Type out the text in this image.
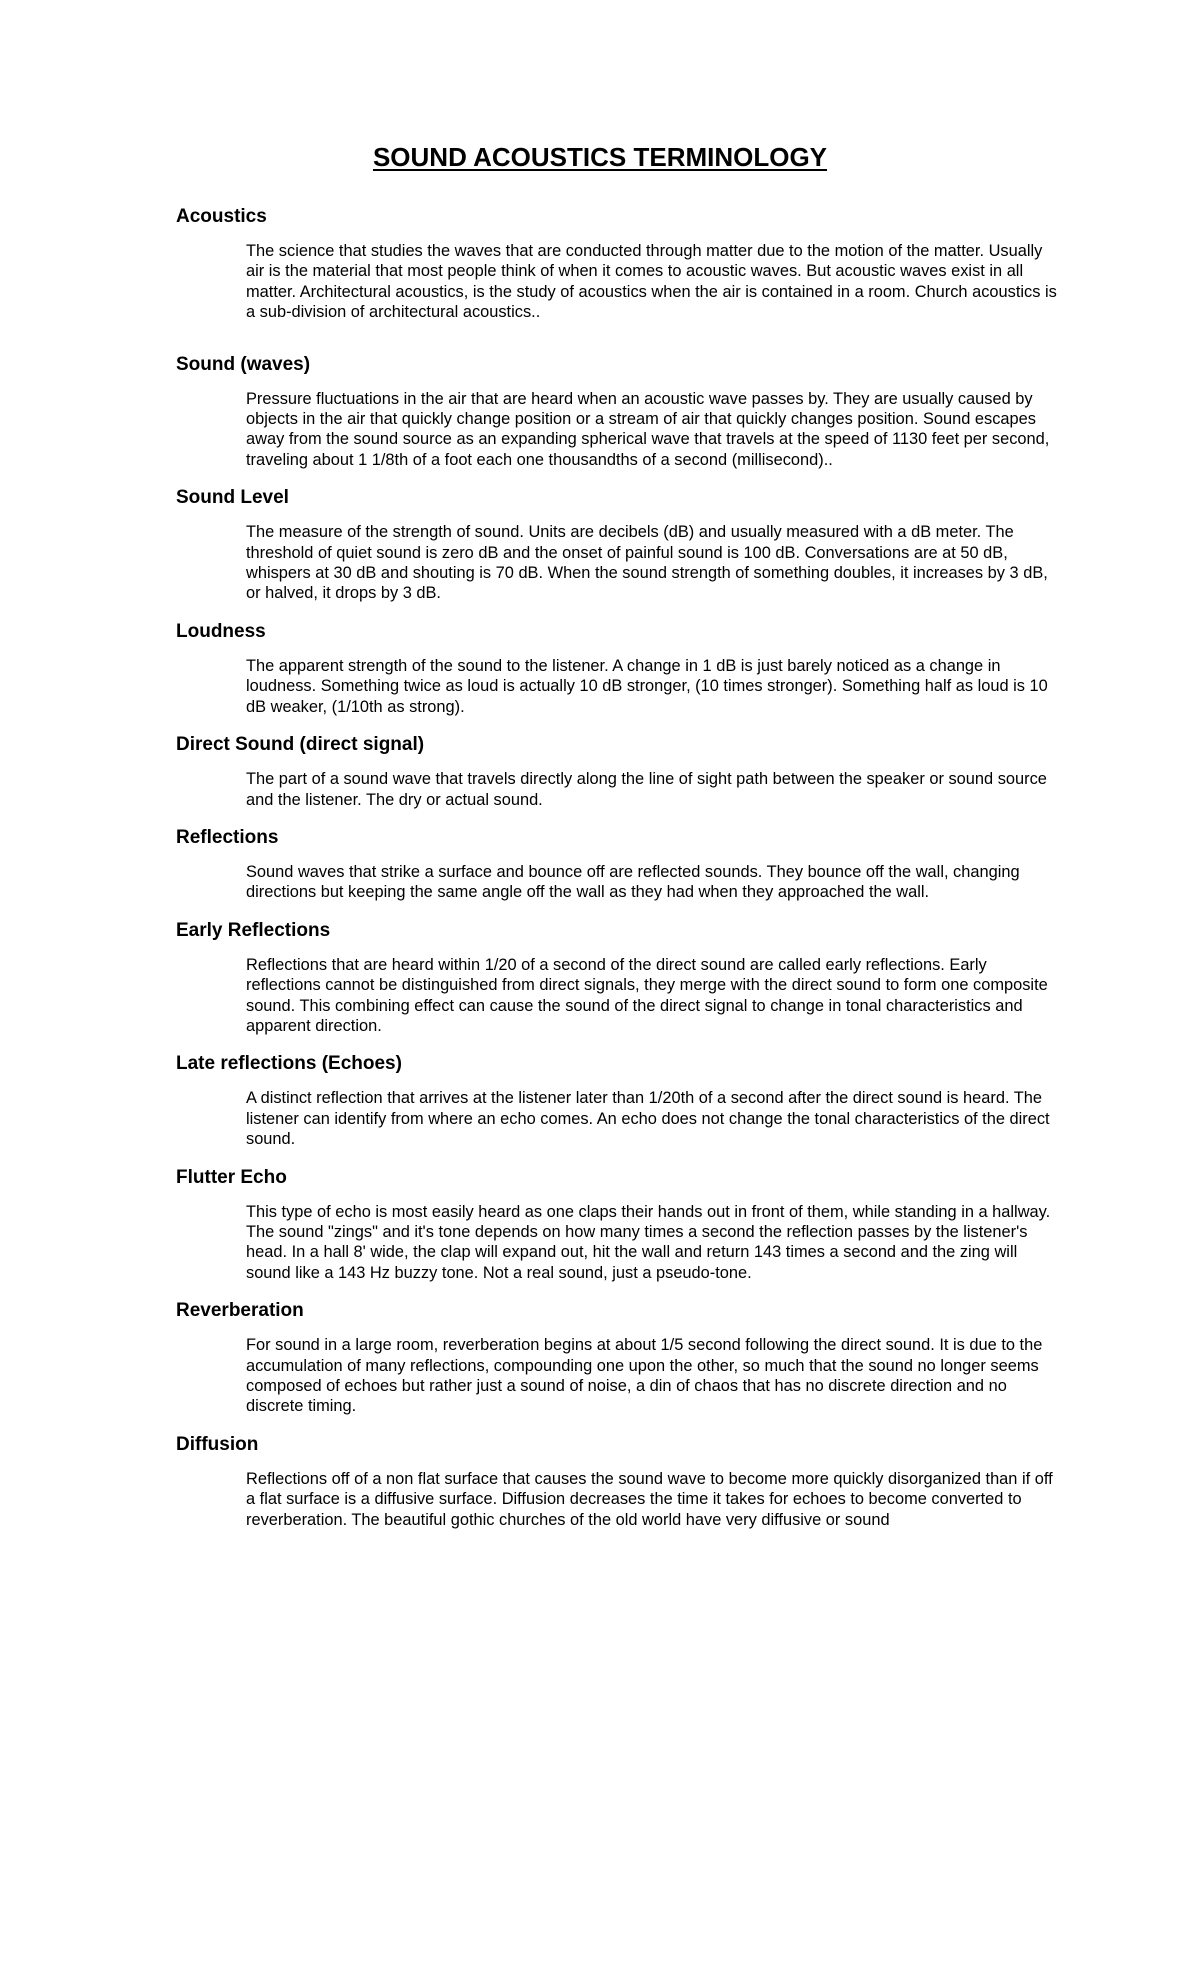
SOUND ACOUSTICS TERMINOLOGY
Acoustics

The science that studies the waves that are conducted through matter due to the motion of the matter. Usually air is the material that most people think of when it comes to acoustic waves. But acoustic waves exist in all matter. Architectural acoustics, is the study of acoustics when the air is contained in a room. Church acoustics is a sub-division of architectural acoustics..

Sound (waves)

Pressure fluctuations in the air that are heard when an acoustic wave passes by. They are usually caused by objects in the air that quickly change position or a stream of air that quickly changes position. Sound escapes away from the sound source as an expanding spherical wave that travels at the speed of 1130 feet per second, traveling about 1 1/8th of a foot each one thousandths of a second (millisecond)..

Sound Level

The measure of the strength of sound. Units are decibels (dB) and usually measured with a dB meter. The threshold of quiet sound is zero dB and the onset of painful sound is 100 dB. Conversations are at 50 dB, whispers at 30 dB and shouting is 70 dB. When the sound strength of something doubles, it increases by 3 dB, or halved, it drops by 3 dB.

Loudness

The apparent strength of the sound to the listener. A change in 1 dB is just barely noticed as a change in loudness. Something twice as loud is actually 10 dB stronger, (10 times stronger). Something half as loud is 10 dB weaker, (1/10th as strong).

Direct Sound (direct signal)

The part of a sound wave that travels directly along the line of sight path between the speaker or sound source and the listener. The dry or actual sound.

Reflections

Sound waves that strike a surface and bounce off are reflected sounds. They bounce off the wall, changing directions but keeping the same angle off the wall as they had when they approached the wall.

Early Reflections

Reflections that are heard within 1/20 of a second of the direct sound are called early reflections. Early reflections cannot be distinguished from direct signals, they merge with the direct sound to form one composite sound. This combining effect can cause the sound of the direct signal to change in tonal characteristics and apparent direction.

Late reflections (Echoes)

A distinct reflection that arrives at the listener later than 1/20th of a second after the direct sound is heard. The listener can identify from where an echo comes. An echo does not change the tonal characteristics of the direct sound.

Flutter Echo

This type of echo is most easily heard as one claps their hands out in front of them, while standing in a hallway. The sound "zings" and it's tone depends on how many times a second the reflection passes by the listener's head. In a hall 8' wide, the clap will expand out, hit the wall and return 143 times a second and the zing will sound like a 143 Hz buzzy tone. Not a real sound, just a pseudo-tone.

Reverberation

For sound in a large room, reverberation begins at about 1/5 second following the direct sound. It is due to the accumulation of many reflections, compounding one upon the other, so much that the sound no longer seems composed of echoes but rather just a sound of noise, a din of chaos that has no discrete direction and no discrete timing.

Diffusion

Reflections off of a non flat surface that causes the sound wave to become more quickly disorganized than if off a flat surface is a diffusive surface. Diffusion decreases the time it takes for echoes to become converted to reverberation. The beautiful gothic churches of the old world have very diffusive or sound
